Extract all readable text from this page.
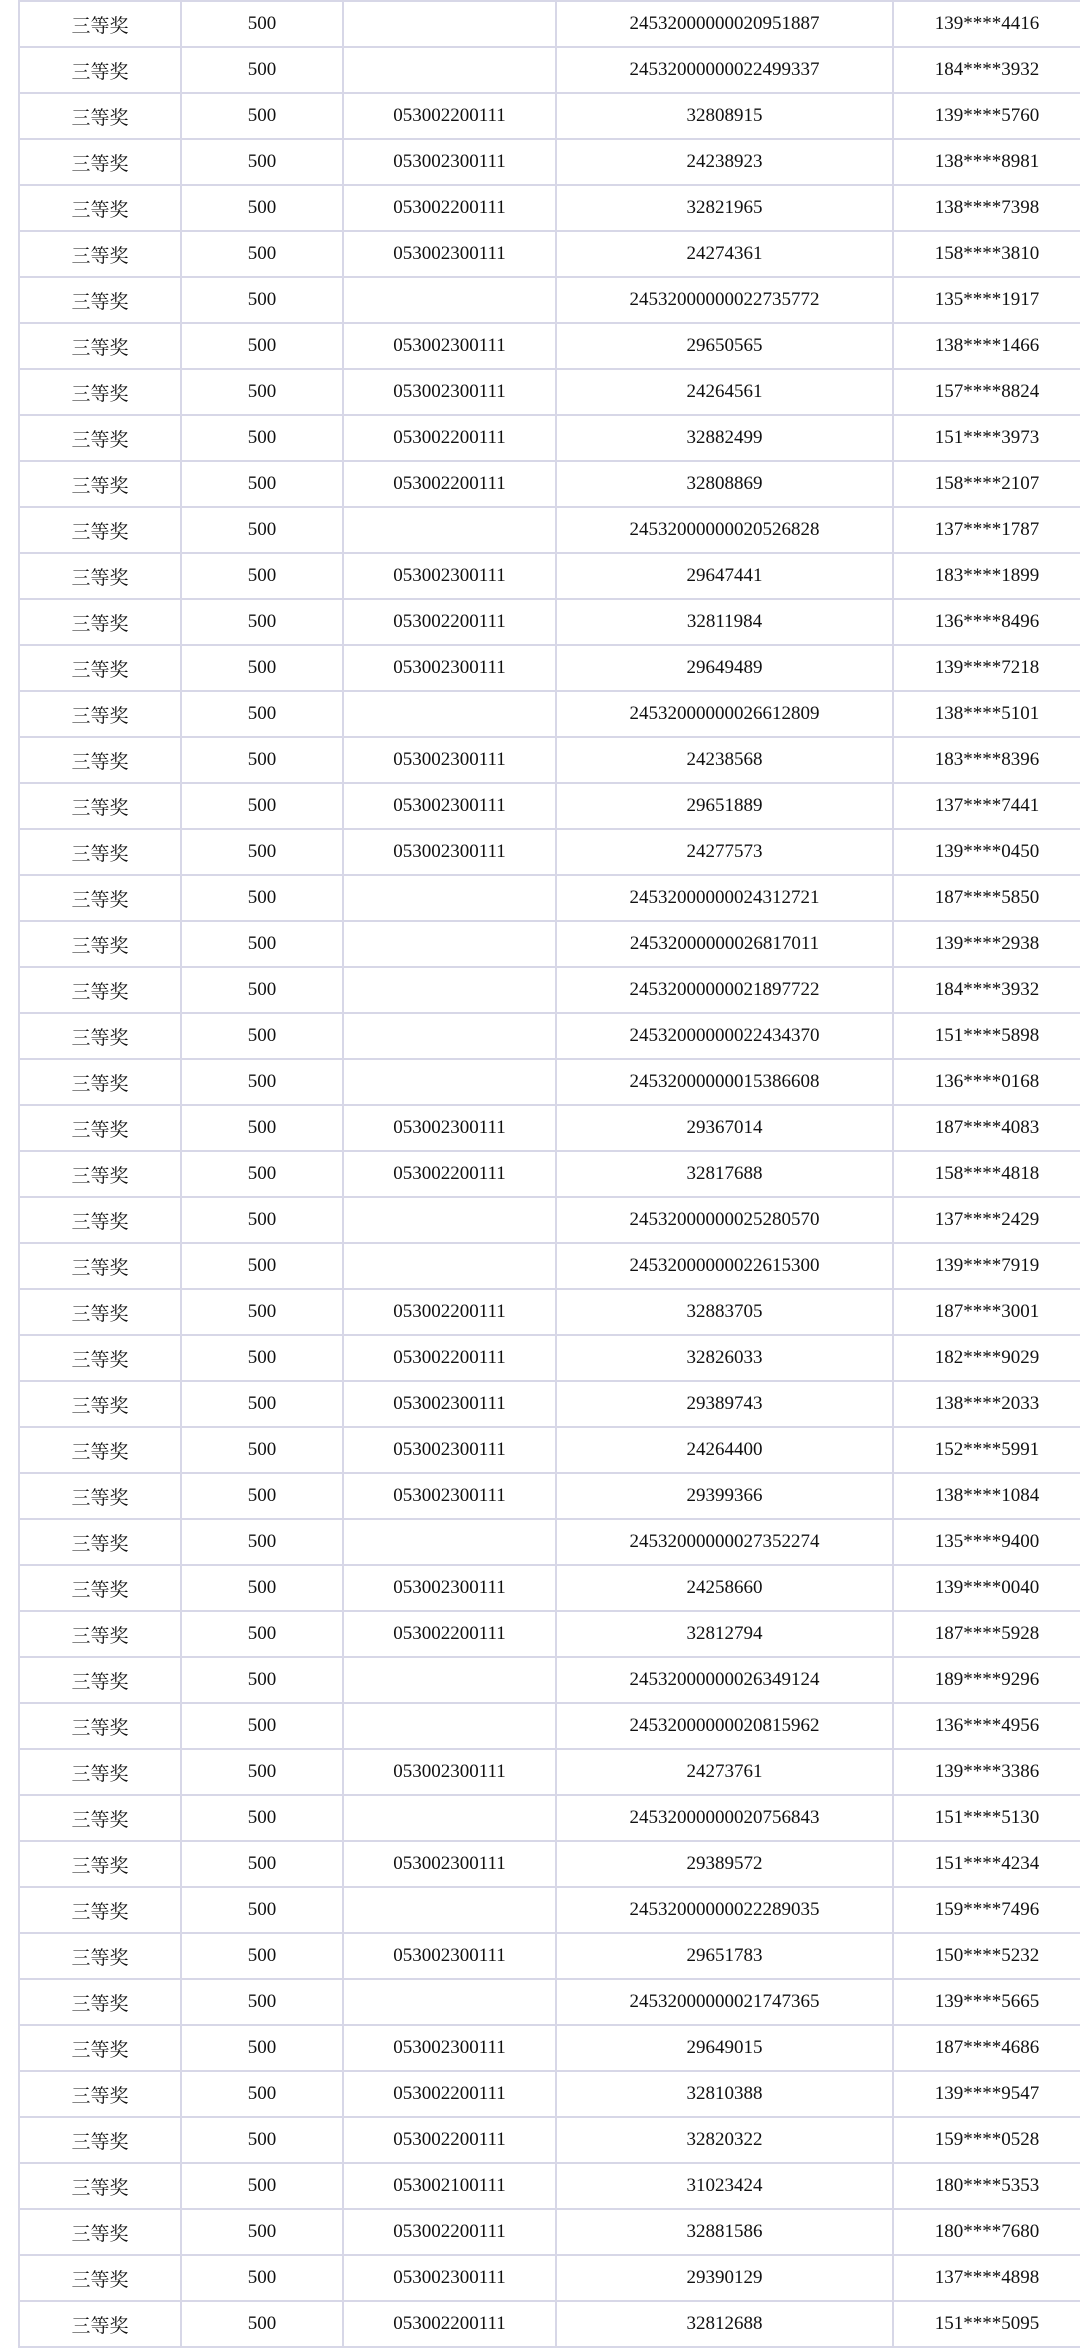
三等奖	500		24532000000020951887	139****4416
三等奖	500		24532000000022499337	184****3932
三等奖	500	053002200111	32808915	139****5760
三等奖	500	053002300111	24238923	138****8981
三等奖	500	053002200111	32821965	138****7398
三等奖	500	053002300111	24274361	158****3810
三等奖	500		24532000000022735772	135****1917
三等奖	500	053002300111	29650565	138****1466
三等奖	500	053002300111	24264561	157****8824
三等奖	500	053002200111	32882499	151****3973
三等奖	500	053002200111	32808869	158****2107
三等奖	500		24532000000020526828	137****1787
三等奖	500	053002300111	29647441	183****1899
三等奖	500	053002200111	32811984	136****8496
三等奖	500	053002300111	29649489	139****7218
三等奖	500		24532000000026612809	138****5101
三等奖	500	053002300111	24238568	183****8396
三等奖	500	053002300111	29651889	137****7441
三等奖	500	053002300111	24277573	139****0450
三等奖	500		24532000000024312721	187****5850
三等奖	500		24532000000026817011	139****2938
三等奖	500		24532000000021897722	184****3932
三等奖	500		24532000000022434370	151****5898
三等奖	500		24532000000015386608	136****0168
三等奖	500	053002300111	29367014	187****4083
三等奖	500	053002200111	32817688	158****4818
三等奖	500		24532000000025280570	137****2429
三等奖	500		24532000000022615300	139****7919
三等奖	500	053002200111	32883705	187****3001
三等奖	500	053002200111	32826033	182****9029
三等奖	500	053002300111	29389743	138****2033
三等奖	500	053002300111	24264400	152****5991
三等奖	500	053002300111	29399366	138****1084
三等奖	500		24532000000027352274	135****9400
三等奖	500	053002300111	24258660	139****0040
三等奖	500	053002200111	32812794	187****5928
三等奖	500		24532000000026349124	189****9296
三等奖	500		24532000000020815962	136****4956
三等奖	500	053002300111	24273761	139****3386
三等奖	500		24532000000020756843	151****5130
三等奖	500	053002300111	29389572	151****4234
三等奖	500		24532000000022289035	159****7496
三等奖	500	053002300111	29651783	150****5232
三等奖	500		24532000000021747365	139****5665
三等奖	500	053002300111	29649015	187****4686
三等奖	500	053002200111	32810388	139****9547
三等奖	500	053002200111	32820322	159****0528
三等奖	500	053002100111	31023424	180****5353
三等奖	500	053002200111	32881586	180****7680
三等奖	500	053002300111	29390129	137****4898
三等奖	500	053002200111	32812688	151****5095
